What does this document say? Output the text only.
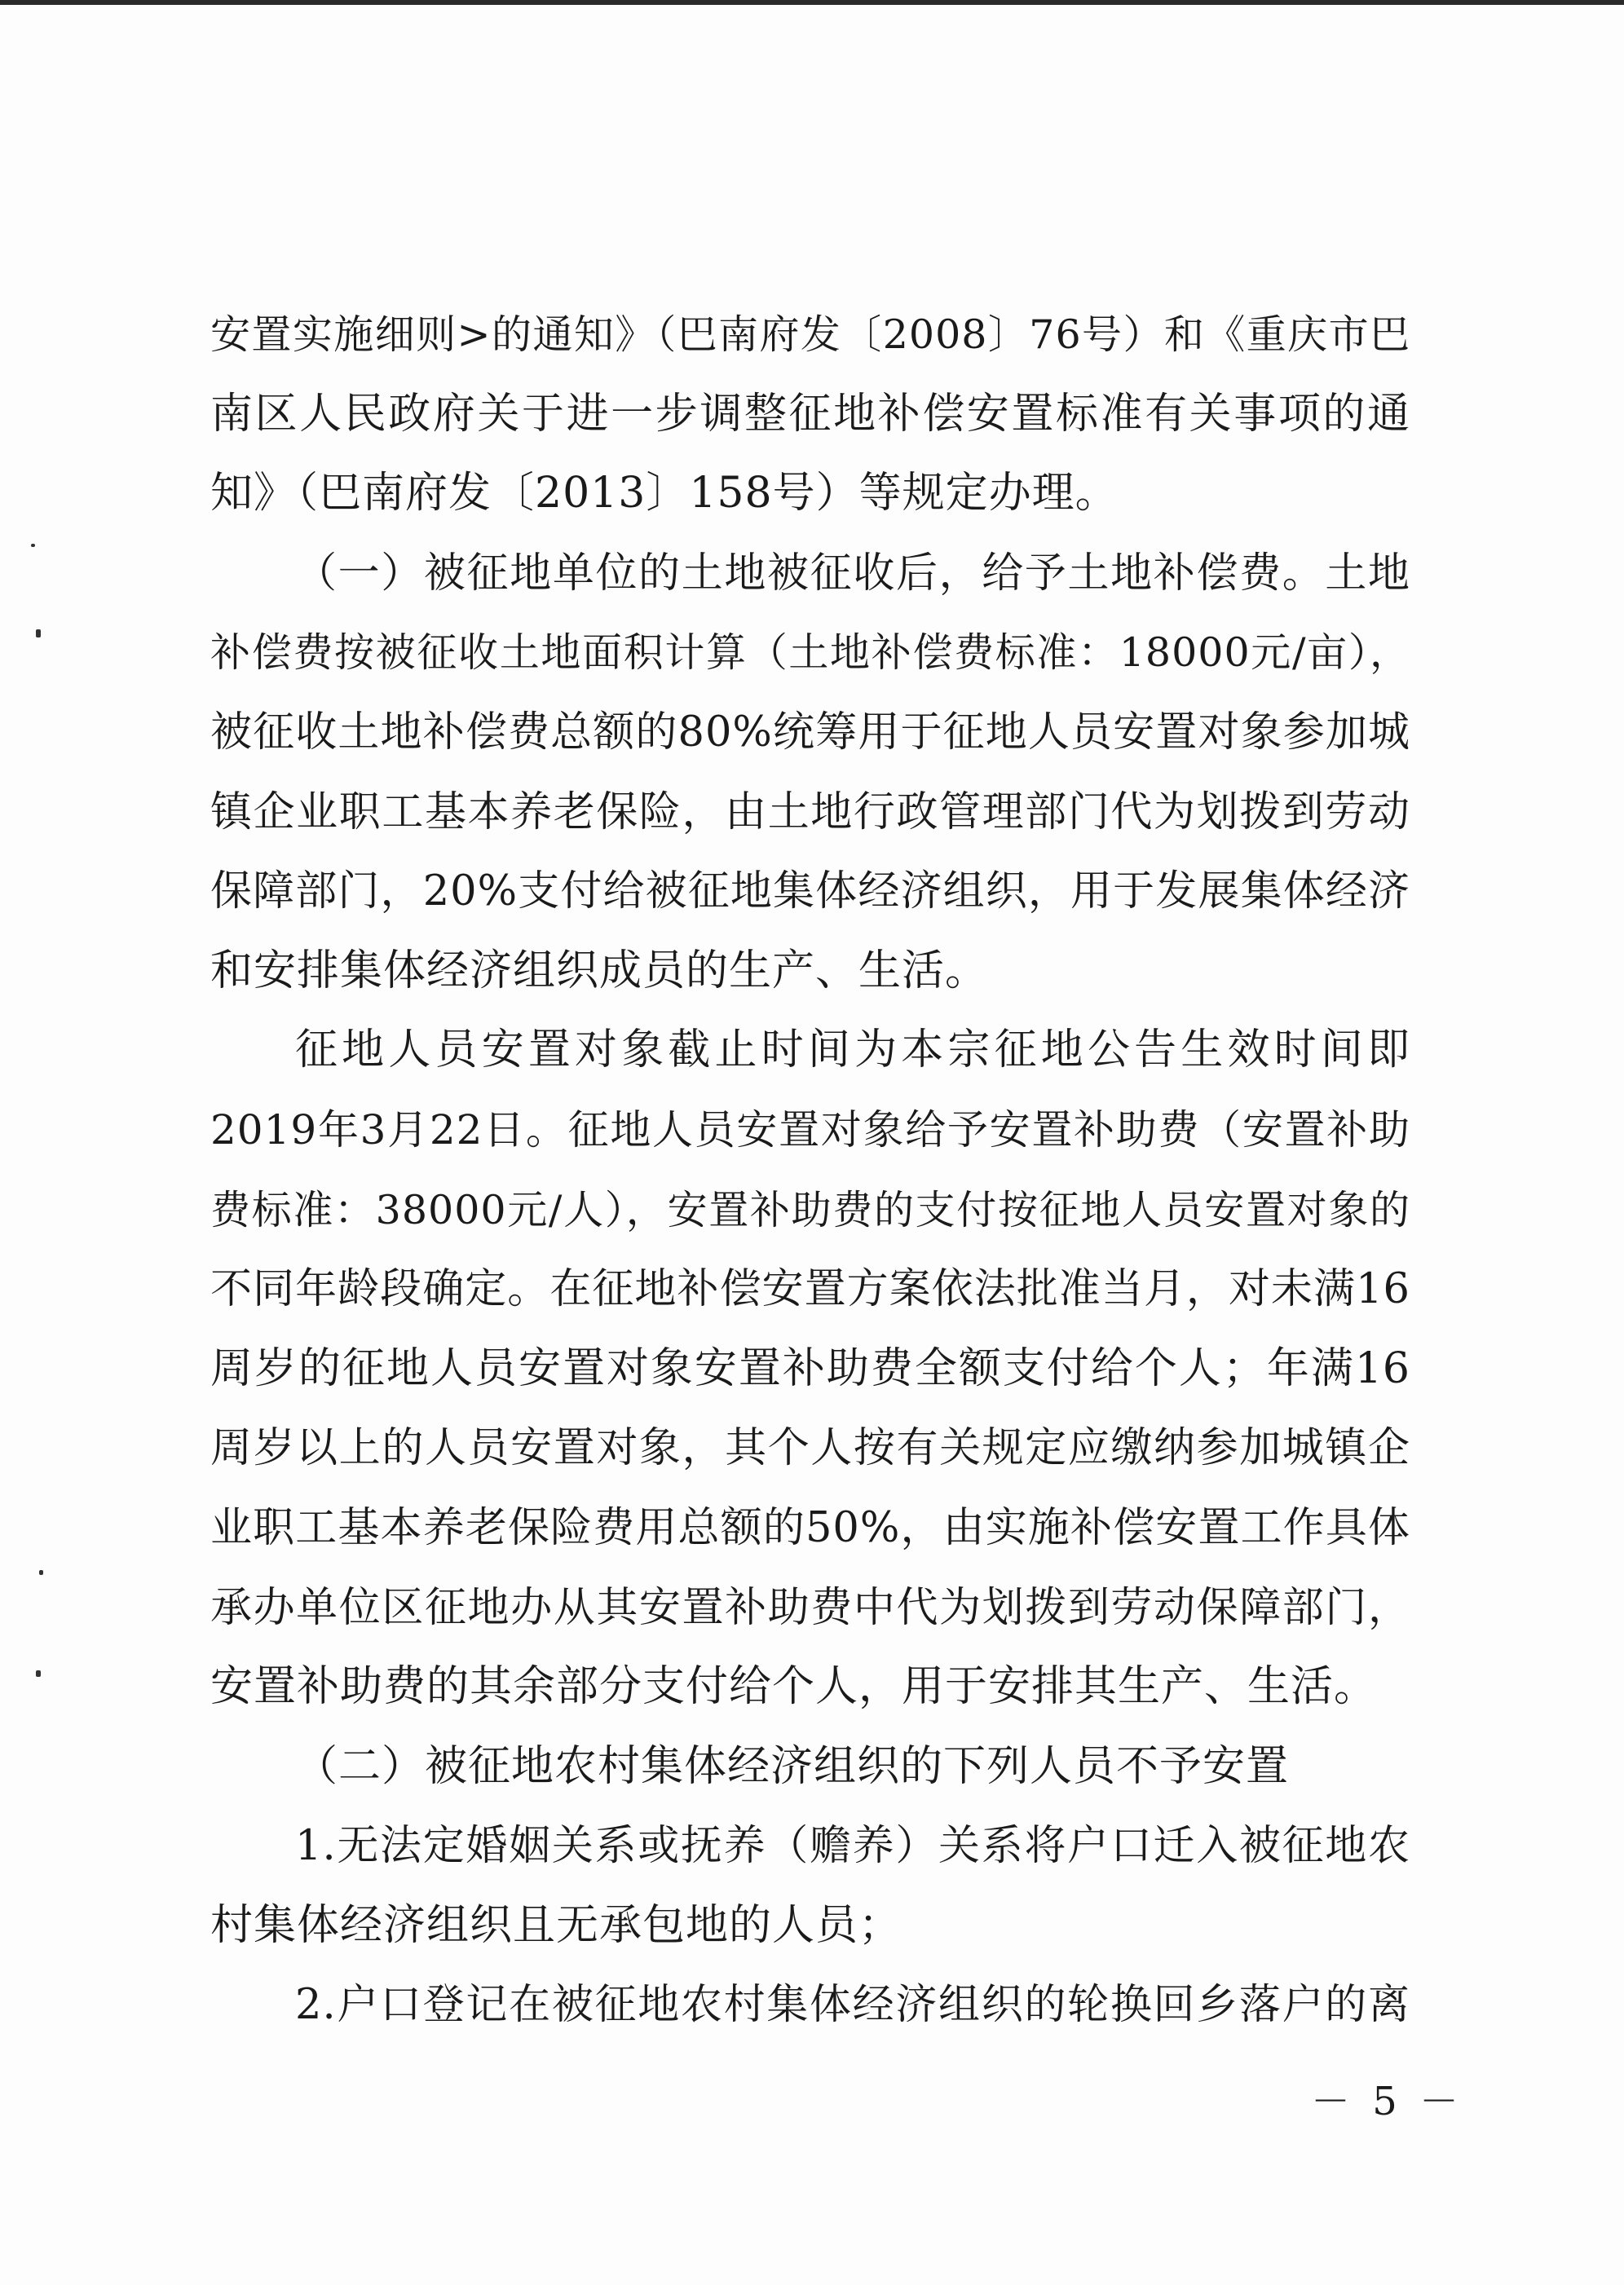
安置实施细则>的通知》（巴南府发〔2008〕76号）和《重庆市巴
南区人民政府关于进一步调整征地补偿安置标准有关事项的通
知》（巴南府发〔2013〕158号）等规定办理。
（一）被征地单位的土地被征收后，给予土地补偿费。土地
补偿费按被征收土地面积计算（土地补偿费标准：18000元/亩），
被征收土地补偿费总额的80%统筹用于征地人员安置对象参加城
镇企业职工基本养老保险，由土地行政管理部门代为划拨到劳动
保障部门，20%支付给被征地集体经济组织，用于发展集体经济
和安排集体经济组织成员的生产、生活。
征地人员安置对象截止时间为本宗征地公告生效时间即
2019年3月22日。征地人员安置对象给予安置补助费（安置补助
费标准：38000元/人），安置补助费的支付按征地人员安置对象的
不同年龄段确定。在征地补偿安置方案依法批准当月，对未满16
周岁的征地人员安置对象安置补助费全额支付给个人；年满16
周岁以上的人员安置对象，其个人按有关规定应缴纳参加城镇企
业职工基本养老保险费用总额的50%，由实施补偿安置工作具体
承办单位区征地办从其安置补助费中代为划拨到劳动保障部门，
安置补助费的其余部分支付给个人，用于安排其生产、生活。
（二）被征地农村集体经济组织的下列人员不予安置
1.无法定婚姻关系或抚养（赡养）关系将户口迁入被征地农
村集体经济组织且无承包地的人员；
2.户口登记在被征地农村集体经济组织的轮换回乡落户的离
－ 5 －
